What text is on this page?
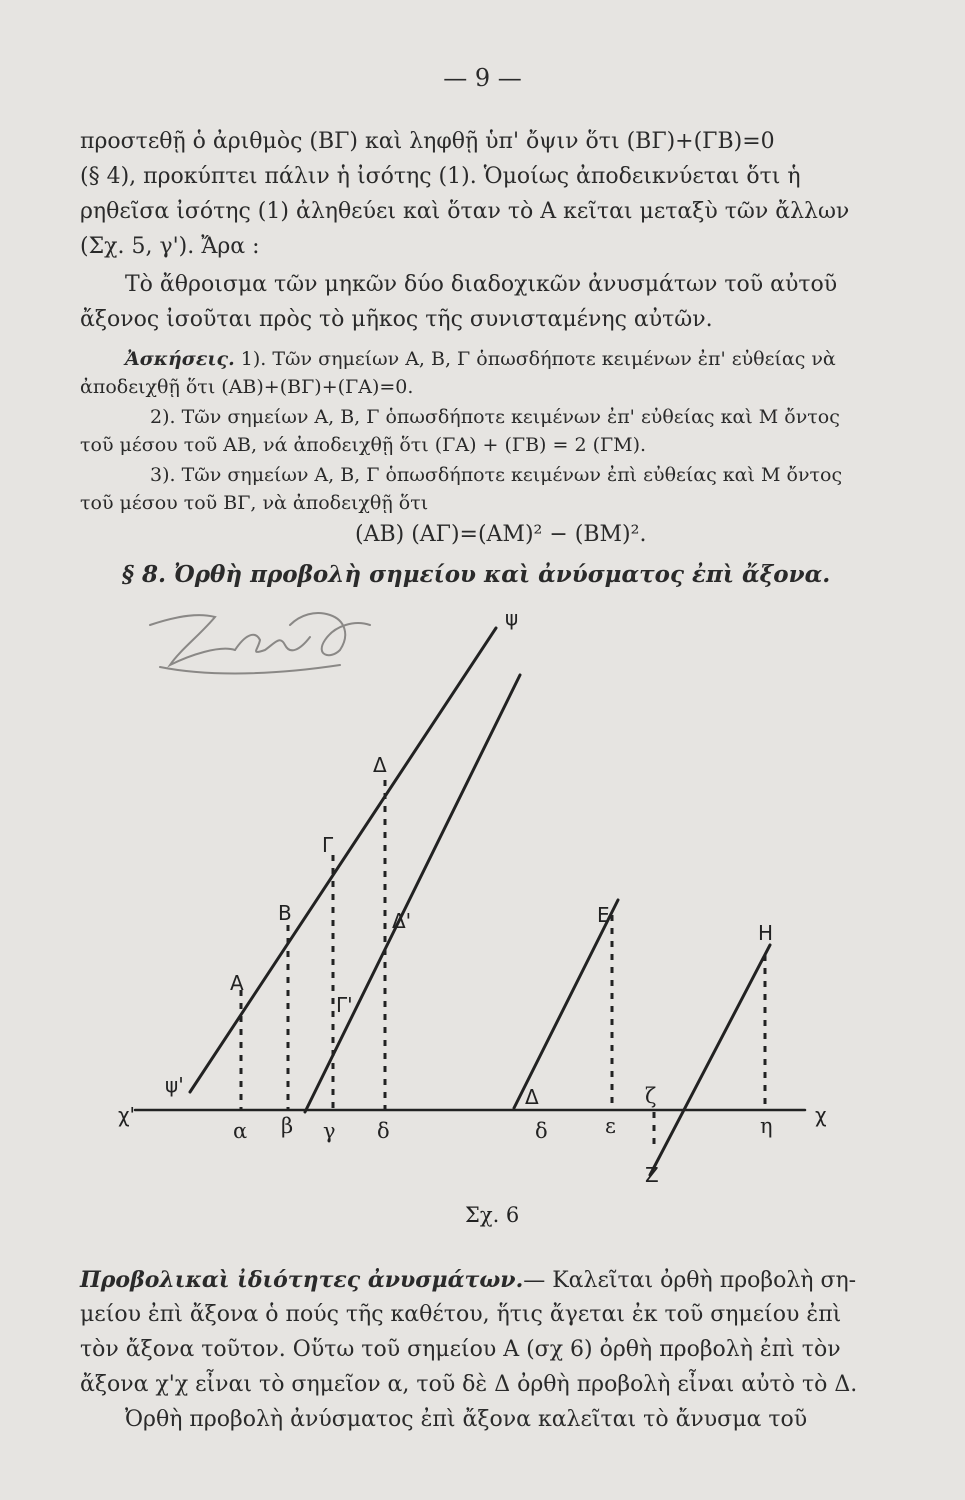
— 9 —
προστεθῇ ὁ ἀριθμὸς (ΒΓ) καὶ ληφθῇ ὑπ' ὄψιν ὅτι (ΒΓ)+(ΓΒ)=0
(§ 4), προκύπτει πάλιν ἡ ἰσότης (1). Ὁμοίως ἀποδεικνύεται ὅτι ἡ
ρηθεῖσα ἰσότης (1) ἀληθεύει καὶ ὅταν τὸ Α κεῖται μεταξὺ τῶν ἄλλων
(Σχ. 5, γ'). Ἄρα :
Τὸ ἄθροισμα τῶν μηκῶν δύο διαδοχικῶν ἀνυσμάτων τοῦ αὐτοῦ
ἄξονος ἰσοῦται πρὸς τὸ μῆκος τῆς συνισταμένης αὐτῶν.
Ἀσκήσεις. 1). Τῶν σημείων Α, Β, Γ ὁπωσδήποτε κειμένων ἐπ' εὐθείας νὰ
ἀποδειχθῇ ὅτι (ΑΒ)+(ΒΓ)+(ΓΑ)=0.
2). Τῶν σημείων Α, Β, Γ ὁπωσδήποτε κειμένων ἐπ' εὐθείας καὶ Μ ὄντος
τοῦ μέσου τοῦ ΑΒ, νά ἀποδειχθῇ ὅτι (ΓΑ) + (ΓΒ) = 2 (ΓΜ).
3). Τῶν σημείων Α, Β, Γ ὁπωσδήποτε κειμένων ἐπὶ εὐθείας καὶ Μ ὄντος
τοῦ μέσου τοῦ ΒΓ, νὰ ἀποδειχθῇ ὅτι
(ΑΒ) (ΑΓ)=(ΑΜ)² − (ΒΜ)².
§ 8. Ὀρθὴ προβολὴ σημείου καὶ ἀνύσματος ἐπὶ ἄξονα.
ψ
ψ'
χ'	χ
Α
Β
Γ
Δ
Δ'
Γ'
Ε
Η
Δ
Ζ
α β γ δ	δ	ε
ζ
η
Σχ. 6
Προβολικαὶ ἰδιότητες ἀνυσμάτων.— Καλεῖται ὀρθὴ προβολὴ ση-
μείου ἐπὶ ἄξονα ὁ πούς τῆς καθέτου, ἥτις ἄγεται ἐκ τοῦ σημείου ἐπὶ
τὸν ἄξονα τοῦτον. Οὕτω τοῦ σημείου Α (σχ 6) ὀρθὴ προβολὴ ἐπὶ τὸν
ἄξονα χ'χ εἶναι τὸ σημεῖον α, τοῦ δὲ Δ ὀρθὴ προβολὴ εἶναι αὐτὸ τὸ Δ.
Ὀρθὴ προβολὴ ἀνύσματος ἐπὶ ἄξονα καλεῖται τὸ ἄνυσμα τοῦ
